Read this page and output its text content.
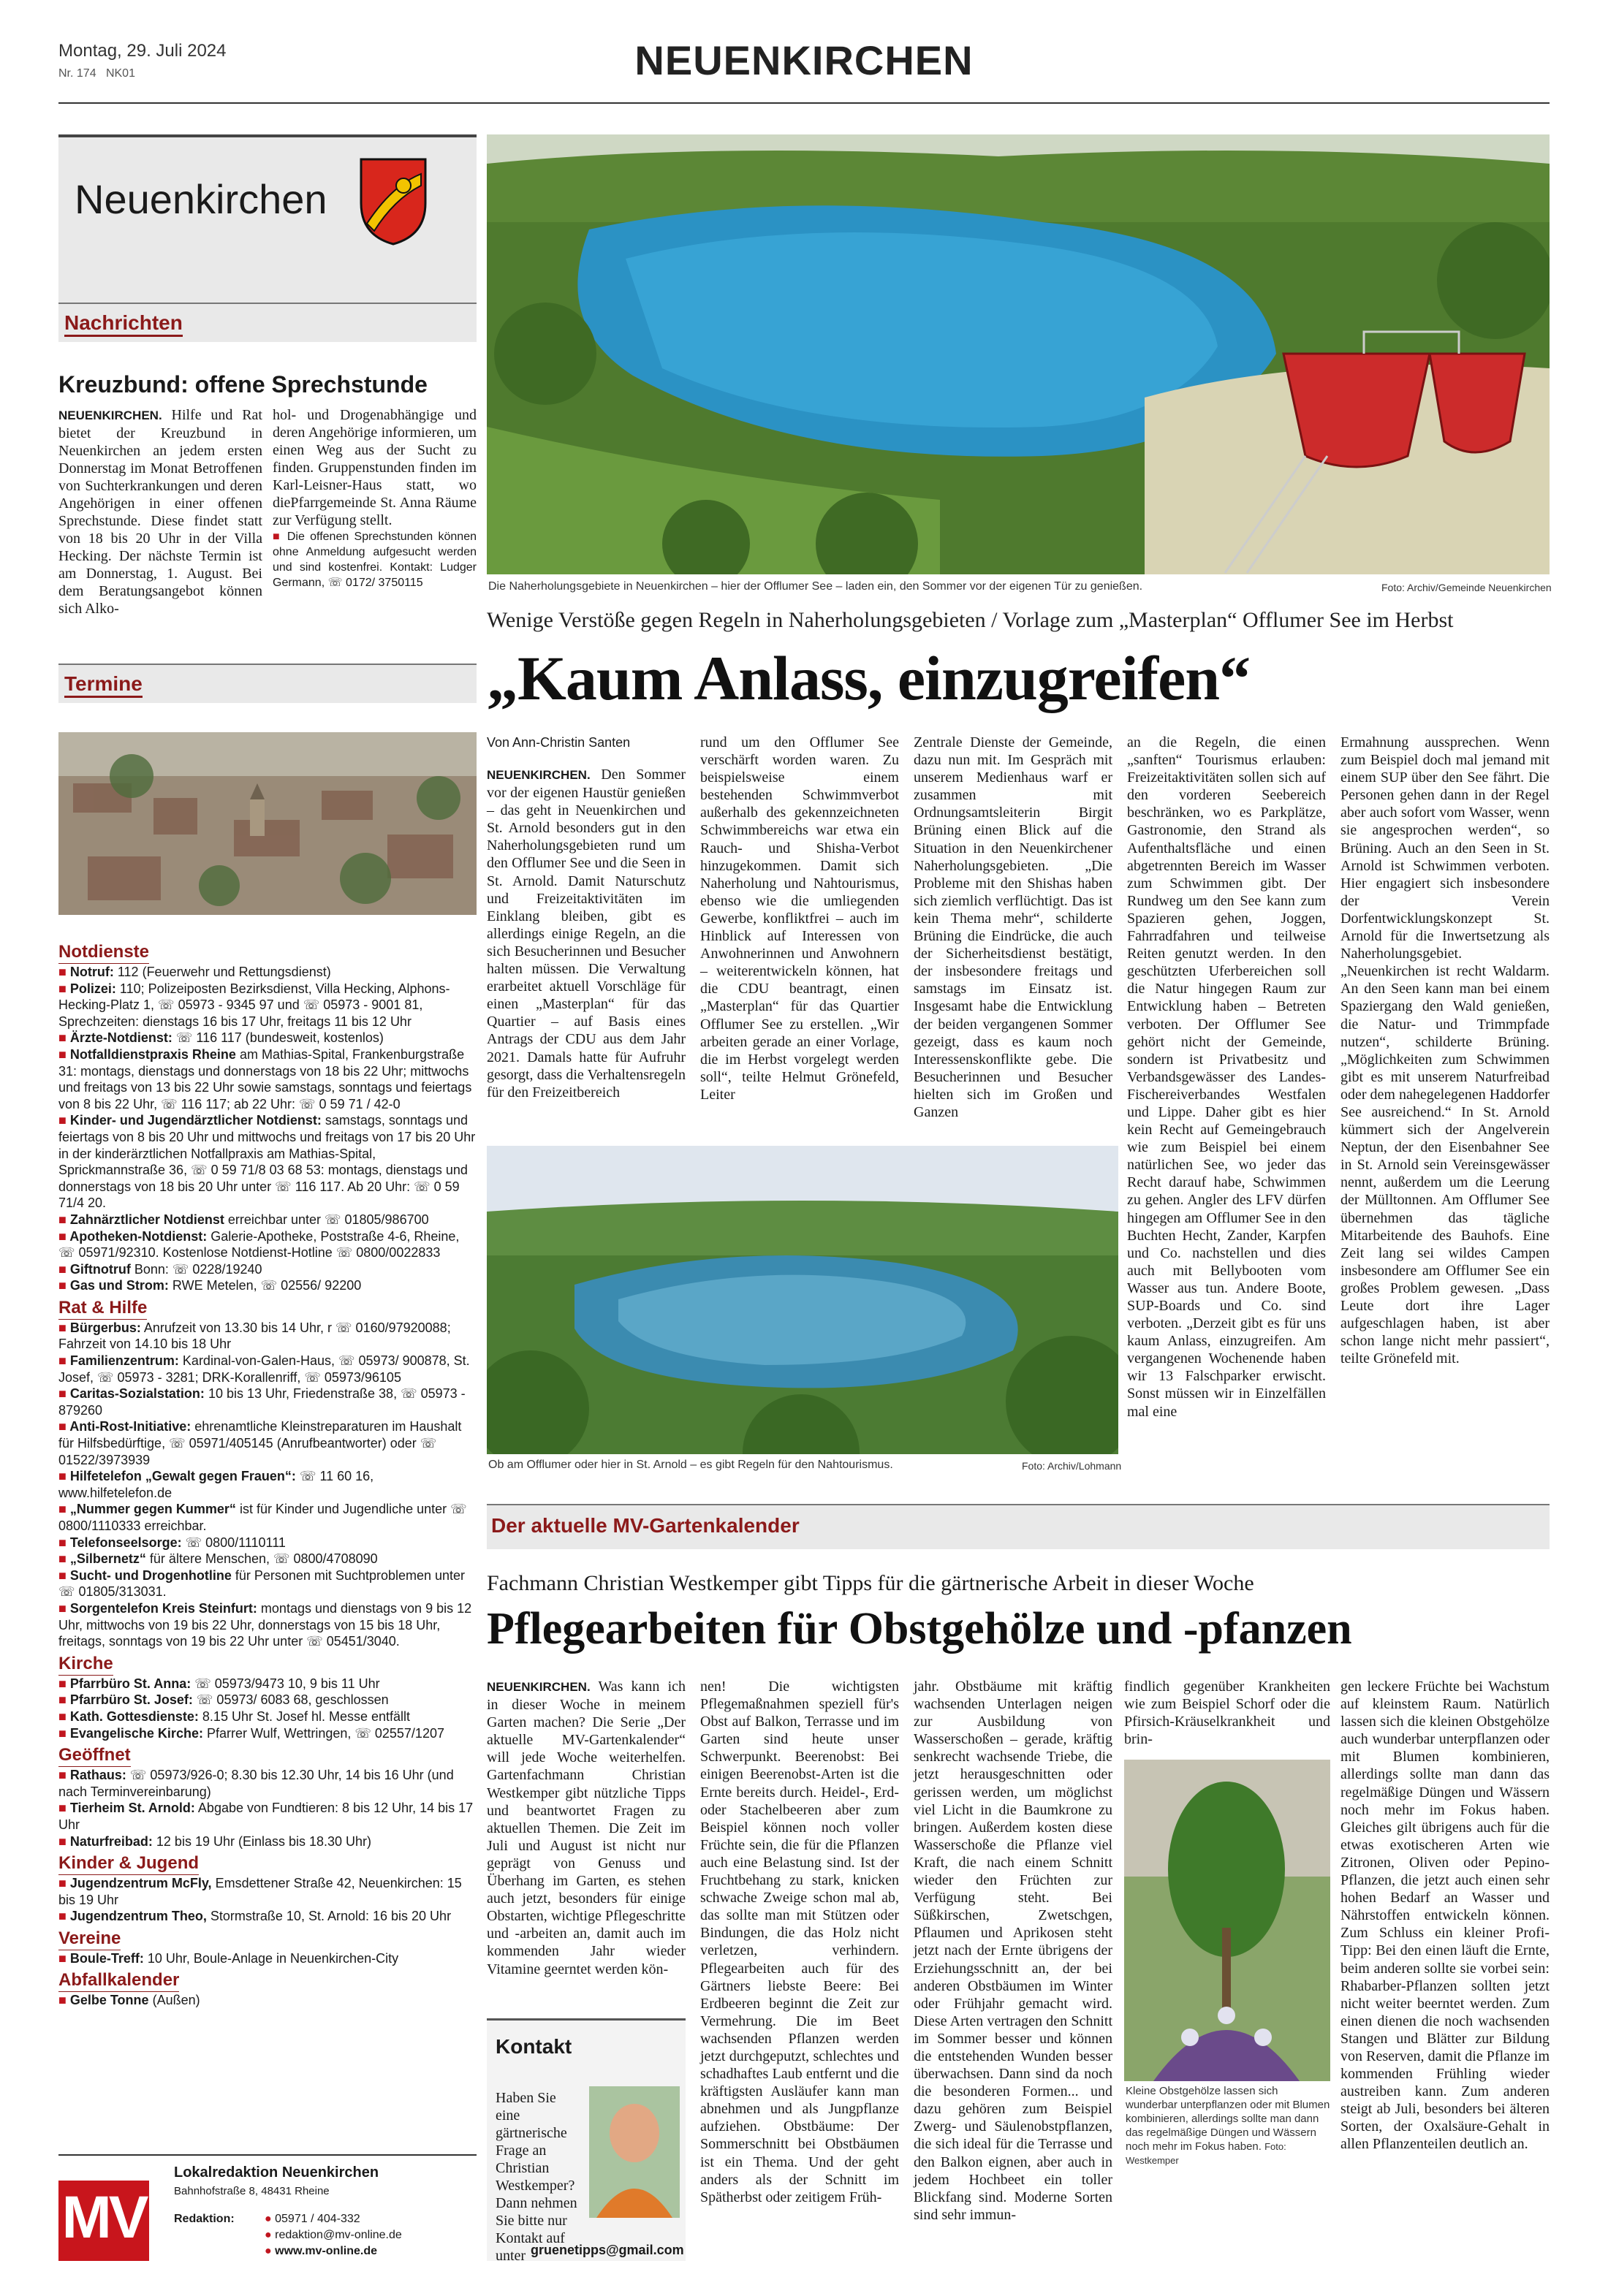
Montag, 29. Juli 2024
Nr. 174 NK01	NEUENKIRCHEN
Neuenkirchen
Nachrichten
Kreuzbund: offene Sprechstunde

NEUENKIRCHEN. Hilfe und Rat bietet der Kreuzbund in Neuenkirchen an jedem ersten Donnerstag im Monat Betroffenen von Suchterkrankungen und deren Angehörigen in einer offenen Sprechstunde. Diese findet statt von 18 bis 20 Uhr in der Villa Hecking. Der nächste Termin ist am Donnerstag, 1. August. Bei dem Beratungsangebot können sich Alko-

hol- und Drogenabhängige und deren Angehörige informieren, um einen Weg aus der Sucht zu finden. Gruppenstunden finden im Karl-Leisner-Haus statt, wo diePfarrgemeinde St. Anna Räume zur Verfügung stellt.

■ Die offenen Sprechstunden können ohne Anmeldung aufgesucht werden und sind kostenfrei. Kontakt: Ludger Germann, ☏ 0172/ 3750115

Termine
Notdienste
■ Notruf: 112 (Feuerwehr und Rettungsdienst)
■ Polizei: 110; Polizeiposten Bezirksdienst, Villa Hecking, Alphons-Hecking-Platz 1, ☏ 05973 - 9345 97 und ☏ 05973 - 9001 81, Sprechzeiten: dienstags 16 bis 17 Uhr, freitags 11 bis 12 Uhr
■ Ärzte-Notdienst: ☏ 116 117 (bundesweit, kostenlos)
■ Notfalldienstpraxis Rheine am Mathias-Spital, Frankenburgstraße 31: montags, dienstags und donnerstags von 18 bis 22 Uhr; mittwochs und freitags von 13 bis 22 Uhr sowie samstags, sonntags und feiertags von 8 bis 22 Uhr, ☏ 116 117; ab 22 Uhr: ☏ 0 59 71 / 42-0
■ Kinder- und Jugendärztlicher Notdienst: samstags, sonntags und feiertags von 8 bis 20 Uhr und mittwochs und freitags von 17 bis 20 Uhr in der kinderärztlichen Notfallpraxis am Mathias-Spital, Sprickmannstraße 36, ☏ 0 59 71/8 03 68 53: montags, dienstags und donnerstags von 18 bis 20 Uhr unter ☏ 116 117. Ab 20 Uhr: ☏ 0 59 71/4 20.
■ Zahnärztlicher Notdienst erreichbar unter ☏ 01805/986700
■ Apotheken-Notdienst: Galerie-Apotheke, Poststraße 4-6, Rheine, ☏ 05971/92310. Kostenlose Notdienst-Hotline ☏ 0800/0022833
■ Giftnotruf Bonn: ☏ 0228/19240
■ Gas und Strom: RWE Metelen, ☏ 02556/ 92200
Rat & Hilfe
■ Bürgerbus: Anrufzeit von 13.30 bis 14 Uhr, r ☏ 0160/97920088; Fahrzeit von 14.10 bis 18 Uhr
■ Familienzentrum: Kardinal-von-Galen-Haus, ☏ 05973/ 900878, St. Josef, ☏ 05973 - 3281; DRK-Korallenriff, ☏ 05973/96105
■ Caritas-Sozialstation: 10 bis 13 Uhr, Friedenstraße 38, ☏ 05973 - 879260
■ Anti-Rost-Initiative: ehrenamtliche Kleinstreparaturen im Haushalt für Hilfsbedürftige, ☏ 05971/405145 (Anrufbeantworter) oder ☏ 01522/3973939
■ Hilfetelefon „Gewalt gegen Frauen“: ☏ 11 60 16, www.hilfetelefon.de
■ „Nummer gegen Kummer“ ist für Kinder und Jugendliche unter ☏ 0800/1110333 erreichbar.
■ Telefonseelsorge: ☏ 0800/1110111
■ „Silbernetz“ für ältere Menschen, ☏ 0800/4708090
■ Sucht- und Drogenhotline für Personen mit Suchtproblemen unter ☏ 01805/313031.
■ Sorgentelefon Kreis Steinfurt: montags und dienstags von 9 bis 12 Uhr, mittwochs von 19 bis 22 Uhr, donnerstags von 15 bis 18 Uhr, freitags, sonntags von 19 bis 22 Uhr unter ☏ 05451/3040.
Kirche
■ Pfarrbüro St. Anna: ☏ 05973/9473 10, 9 bis 11 Uhr
■ Pfarrbüro St. Josef: ☏ 05973/ 6083 68, geschlossen
■ Kath. Gottesdienste: 8.15 Uhr St. Josef hl. Messe entfällt
■ Evangelische Kirche: Pfarrer Wulf, Wettringen, ☏ 02557/1207
Geöffnet
■ Rathaus: ☏ 05973/926-0; 8.30 bis 12.30 Uhr, 14 bis 16 Uhr (und nach Terminvereinbarung)
■ Tierheim St. Arnold: Abgabe von Fundtieren: 8 bis 12 Uhr, 14 bis 17 Uhr
■ Naturfreibad: 12 bis 19 Uhr (Einlass bis 18.30 Uhr)
Kinder & Jugend
■ Jugendzentrum McFly, Emsdettener Straße 42, Neuenkirchen: 15 bis 19 Uhr
■ Jugendzentrum Theo, Stormstraße 10, St. Arnold: 16 bis 20 Uhr
Vereine
■ Boule-Treff: 10 Uhr, Boule-Anlage in Neuenkirchen-City
Abfallkalender
■ Gelbe Tonne (Außen)
MV
Lokalredaktion Neuenkirchen
Bahnhofstraße 8, 48431 Rheine
Redaktion:	● 05971 / 404-332
● redaktion@mv-online.de
● www.mv-online.de
Die Naherholungsgebiete in Neuenkirchen – hier der Offlumer See – laden ein, den Sommer vor der eigenen Tür zu genießen.	Foto: Archiv/Gemeinde Neuenkirchen
Wenige Verstöße gegen Regeln in Naherholungsgebieten / Vorlage zum „Masterplan“ Offlumer See im Herbst
„Kaum Anlass, einzugreifen“
Von Ann-Christin Santen
NEUENKIRCHEN. Den Sommer vor der eigenen Haustür genießen – das geht in Neuenkirchen und St. Arnold besonders gut in den Naherholungsgebieten rund um den Offlumer See und die Seen in St. Arnold. Damit Naturschutz und Freizeitaktivitäten im Einklang bleiben, gibt es allerdings einige Regeln, an die sich Besucherinnen und Besucher halten müssen. Die Verwaltung erarbeitet aktuell Vorschläge für einen „Masterplan“ für das Quartier – auf Basis eines Antrags der CDU aus dem Jahr 2021. Damals hatte für Aufruhr gesorgt, dass die Verhaltensregeln für den Freizeitbereich
rund um den Offlumer See verschärft worden waren. Zu beispielsweise einem bestehenden Schwimmverbot außerhalb des gekennzeichneten Schwimmbereichs war etwa ein Rauch- und Shisha-Verbot hinzugekommen. Damit sich Naherholung und Nahtourismus, ebenso wie die umliegenden Gewerbe, konfliktfrei – auch im Hinblick auf Interessen von Anwohnerinnen und Anwohnern – weiterentwickeln können, hat die CDU beantragt, einen „Masterplan“ für das Quartier Offlumer See zu erstellen. „Wir arbeiten gerade an einer Vorlage, die im Herbst vorgelegt werden soll“, teilte Helmut Grönefeld, Leiter
Zentrale Dienste der Gemeinde, dazu nun mit. Im Gespräch mit unserem Medienhaus warf er zusammen mit Ordnungsamtsleiterin Birgit Brüning einen Blick auf die Situation in den Neuenkirchener Naherholungsgebieten. „Die Probleme mit den Shishas haben sich ziemlich verflüchtigt. Das ist kein Thema mehr“, schilderte Brüning die Eindrücke, die auch der Sicherheitsdienst bestätigt, der insbesondere freitags und samstags im Einsatz ist. Insgesamt habe die Entwicklung der beiden vergangenen Sommer gezeigt, dass es kaum noch Interessenskonflikte gebe. Die Besucherinnen und Besucher hielten sich im Großen und Ganzen
an die Regeln, die einen „sanften“ Tourismus erlauben: Freizeitaktivitäten sollen sich auf den vorderen Seebereich beschränken, wo es Parkplätze, Gastronomie, den Strand als Aufenthaltsfläche und einen abgetrennten Bereich im Wasser zum Schwimmen gibt. Der Rundweg um den See kann zum Spazieren gehen, Joggen, Fahrradfahren und teilweise Reiten genutzt werden. In den geschützten Uferbereichen soll die Natur hingegen Raum zur Entwicklung haben – Betreten verboten. Der Offlumer See gehört nicht der Gemeinde, sondern ist Privatbesitz und Verbandsgewässer des Landes-Fischereiverbandes Westfalen und Lippe. Daher gibt es hier kein Recht auf Gemeingebrauch wie zum Beispiel bei einem natürlichen See, wo jeder das Recht darauf habe, Schwimmen zu gehen. Angler des LFV dürfen hingegen am Offlumer See in den Buchten Hecht, Zander, Karpfen und Co. nachstellen und dies auch mit Bellybooten vom Wasser aus tun. Andere Boote, SUP-Boards und Co. sind verboten. „Derzeit gibt es für uns kaum Anlass, einzugreifen. Am vergangenen Wochenende haben wir 13 Falschparker erwischt. Sonst müssen wir in Einzelfällen mal eine
Ermahnung aussprechen. Wenn zum Beispiel doch mal jemand mit einem SUP über den See fährt. Die Personen gehen dann in der Regel aber auch sofort vom Wasser, wenn sie angesprochen werden“, so Brüning. Auch an den Seen in St. Arnold ist Schwimmen verboten. Hier engagiert sich insbesondere der Verein Dorfentwicklungskonzept St. Arnold für die Inwertsetzung als Naherholungsgebiet. „Neuenkirchen ist recht Waldarm. An den Seen kann man bei einem Spaziergang den Wald genießen, die Natur- und Trimmpfade nutzen“, schilderte Brüning. „Möglichkeiten zum Schwimmen gibt es mit unserem Naturfreibad oder dem nahegelegenen Haddorfer See ausreichend.“ In St. Arnold kümmert sich der Angelverein Neptun, der den Eisenbahner See in St. Arnold sein Vereinsgewässer nennt, außerdem um die Leerung der Mülltonnen. Am Offlumer See übernehmen das tägliche Mitarbeitende des Bauhofs. Eine Zeit lang sei wildes Campen insbesondere am Offlumer See ein großes Problem gewesen. „Dass Leute dort ihre Lager aufgeschlagen haben, ist aber schon lange nicht mehr passiert“, teilte Grönefeld mit.
Ob am Offlumer oder hier in St. Arnold – es gibt Regeln für den Nahtourismus.	Foto: Archiv/Lohmann
Der aktuelle MV-Gartenkalender
Fachmann Christian Westkemper gibt Tipps für die gärtnerische Arbeit in dieser Woche
Pflegearbeiten für Obstgehölze und -pfanzen
NEUENKIRCHEN. Was kann ich in dieser Woche in meinem Garten machen? Die Serie „Der aktuelle MV-Gartenkalender“ will jede Woche weiterhelfen. Gartenfachmann Christian Westkemper gibt nützliche Tipps und beantwortet Fragen zu aktuellen Themen. Die Zeit im Juli und August ist nicht nur geprägt von Genuss und Überhang im Garten, es stehen auch jetzt, besonders für einige Obstarten, wichtige Pflegeschritte und -arbeiten an, damit auch im kommenden Jahr wieder Vitamine geerntet werden kön-
nen! Die wichtigsten Pflegemaßnahmen speziell für's Obst auf Balkon, Terrasse und im Garten sind heute unser Schwerpunkt. Beerenobst: Bei einigen Beerenobst-Arten ist die Ernte bereits durch. Heidel-, Erd- oder Stachelbeeren aber zum Beispiel können noch voller Früchte sein, die für die Pflanzen auch eine Belastung sind. Ist der Fruchtbehang zu stark, knicken schwache Zweige schon mal ab, das sollte man mit Stützen oder Bindungen, die das Holz nicht verletzen, verhindern. Pflegearbeiten auch für des Gärtners liebste Beere: Bei Erdbeeren beginnt die Zeit zur Vermehrung. Die im Beet wachsenden Pflanzen werden jetzt durchgeputzt, schlechtes und schadhaftes Laub entfernt und die kräftigsten Ausläufer kann man abnehmen und als Jungpflanze aufziehen. Obstbäume: Der Sommerschnitt bei Obstbäumen ist ein Thema. Und der geht anders als der Schnitt im Spätherbst oder zeitigem Früh-
jahr. Obstbäume mit kräftig wachsenden Unterlagen neigen zur Ausbildung von Wasserschoßen – gerade, kräftig senkrecht wachsende Triebe, die jetzt herausgeschnitten oder gerissen werden, um möglichst viel Licht in die Baumkrone zu bringen. Außerdem kosten diese Wasserschoße die Pflanze viel Kraft, die nach einem Schnitt wieder den Früchten zur Verfügung steht. Bei Süßkirschen, Zwetschgen, Pflaumen und Aprikosen steht jetzt nach der Ernte übrigens der Erziehungsschnitt an, der bei anderen Obstbäumen im Winter oder Frühjahr gemacht wird. Diese Arten vertragen den Schnitt im Sommer besser und können die entstehenden Wunden besser überwachsen. Dann sind da noch die besonderen Formen... und dazu gehören zum Beispiel Zwerg- und Säulenobstpflanzen, die sich ideal für die Terrasse und den Balkon eignen, aber auch in jedem Hochbeet ein toller Blickfang sind. Moderne Sorten sind sehr immun-
findlich gegenüber Krankheiten wie zum Beispiel Schorf oder die Pfirsich-Kräuselkrankheit und brin-
gen leckere Früchte bei Wachstum auf kleinstem Raum. Natürlich lassen sich die kleinen Obstgehölze auch wunderbar unterpflanzen oder mit Blumen kombinieren, allerdings sollte man dann das regelmäßige Düngen und Wässern noch mehr im Fokus haben. Gleiches gilt übrigens auch für die etwas exotischeren Arten wie Zitronen, Oliven oder Pepino-Pflanzen, die jetzt auch einen sehr hohen Bedarf an Wasser und Nährstoffen entwickeln können. Zum Schluss ein kleiner Profi-Tipp: Bei den einen läuft die Ernte, beim anderen sollte sie vorbei sein: Rhabarber-Pflanzen sollten jetzt nicht weiter beerntet werden. Zum einen dienen die noch wachsenden Stangen und Blätter zur Bildung von Reserven, damit die Pflanze im kommenden Frühling wieder austreiben kann. Zum anderen steigt ab Juli, besonders bei älteren Sorten, der Oxalsäure-Gehalt in allen Pflanzenteilen deutlich an.
Kleine Obstgehölze lassen sich wunderbar unterpflanzen oder mit Blumen kombinieren, allerdings sollte man dann das regelmäßige Düngen und Wässern noch mehr im Fokus haben. Foto: Westkemper
Kontakt
Haben Sie eine gärtnerische Frage an Christian Westkemper? Dann nehmen Sie bitte nur Kontakt auf unter gruenetipps@gmail.com
